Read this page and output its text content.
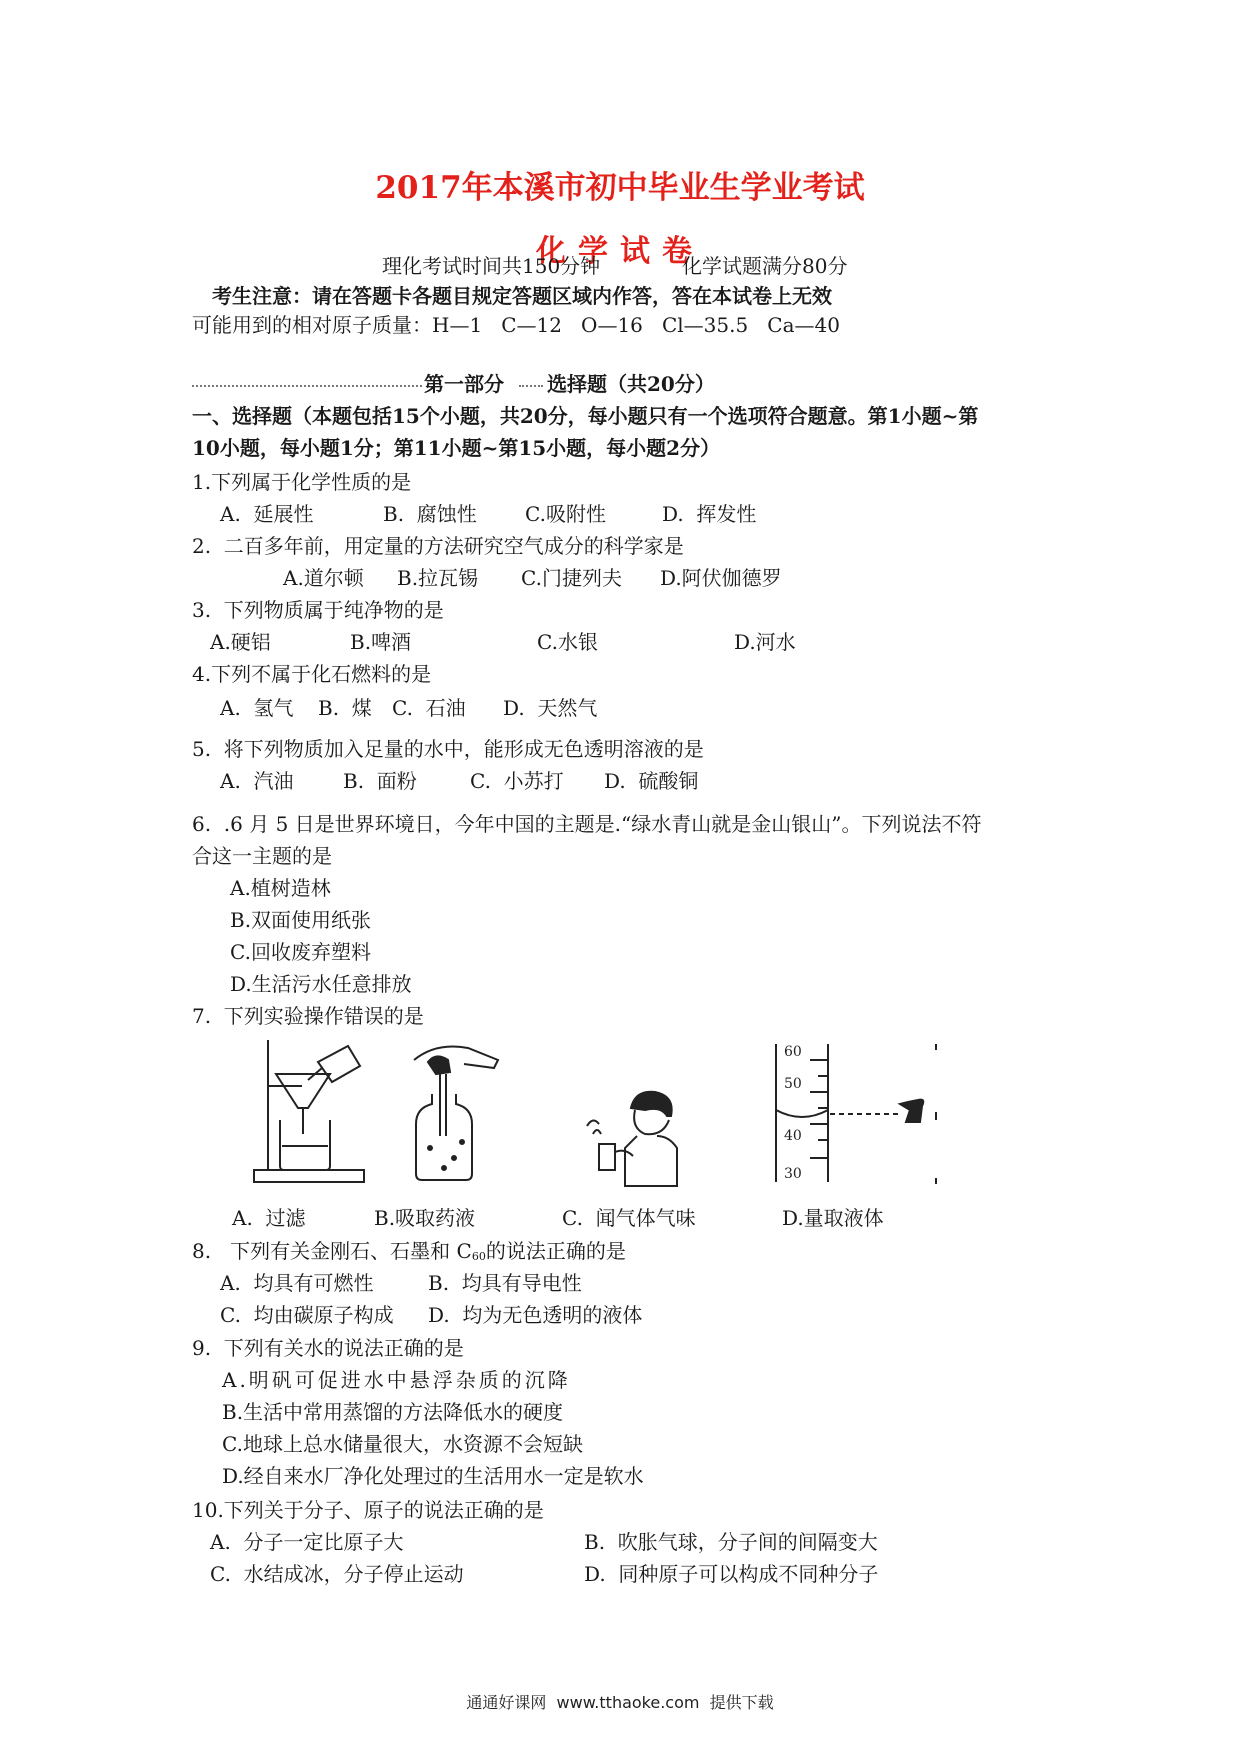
2017年本溪市初中毕业生学业考试
化学试卷
理化考试时间共150分钟	化学试题满分80分
考生注意：请在答题卡各题目规定答题区域内作答，答在本试卷上无效
可能用到的相对原子质量：H—1   C—12   O—16   Cl—35.5   Ca—40
第一部分 选择题（共20分）
一、选择题（本题包括15个小题，共20分，每小题只有一个选项符合题意。第1小题~第
10小题，每小题1分；第11小题~第15小题，每小题2分）
1.下列属于化学性质的是
A.  延展性	B.  腐蚀性 C.吸附性	D.  挥发性
2.  二百多年前，用定量的方法研究空气成分的科学家是
A.道尔顿 B.拉瓦锡 C.门捷列夫 D.阿伏伽德罗
3.  下列物质属于纯净物的是
A.硬铝	B.啤酒	C.水银	D.河水
4.下列不属于化石燃料的是
A.  氢气 B.  煤 C.  石油 D.  天然气
5.  将下列物质加入足量的水中，能形成无色透明溶液的是
A.  汽油 B.  面粉	C.  小苏打 D.  硫酸铜
6.  .6 月 5 日是世界环境日，今年中国的主题是.“绿水青山就是金山银山”。下列说法不符
合这一主题的是
A.植树造林
B.双面使用纸张
C.回收废弃塑料
D.生活污水任意排放
7.  下列实验操作错误的是
60
50
40
30
A.  过滤	B.吸取药液	C.  闻气体气味	D.量取液体
8.   下列有关金刚石、石墨和 C60的说法正确的是
A.  均具有可燃性	B.  均具有导电性
C.  均由碳原子构成 D.  均为无色透明的液体
9.  下列有关水的说法正确的是
A.明矾可促进水中悬浮杂质的沉降
B.生活中常用蒸馏的方法降低水的硬度
C.地球上总水储量很大，水资源不会短缺
D.经自来水厂净化处理过的生活用水一定是软水
10.下列关于分子、原子的说法正确的是
A.  分子一定比原子大	B.  吹胀气球，分子间的间隔变大
C.  水结成冰，分子停止运动	D.  同种原子可以构成不同种分子
通通好课网  www.tthaoke.com  提供下载
